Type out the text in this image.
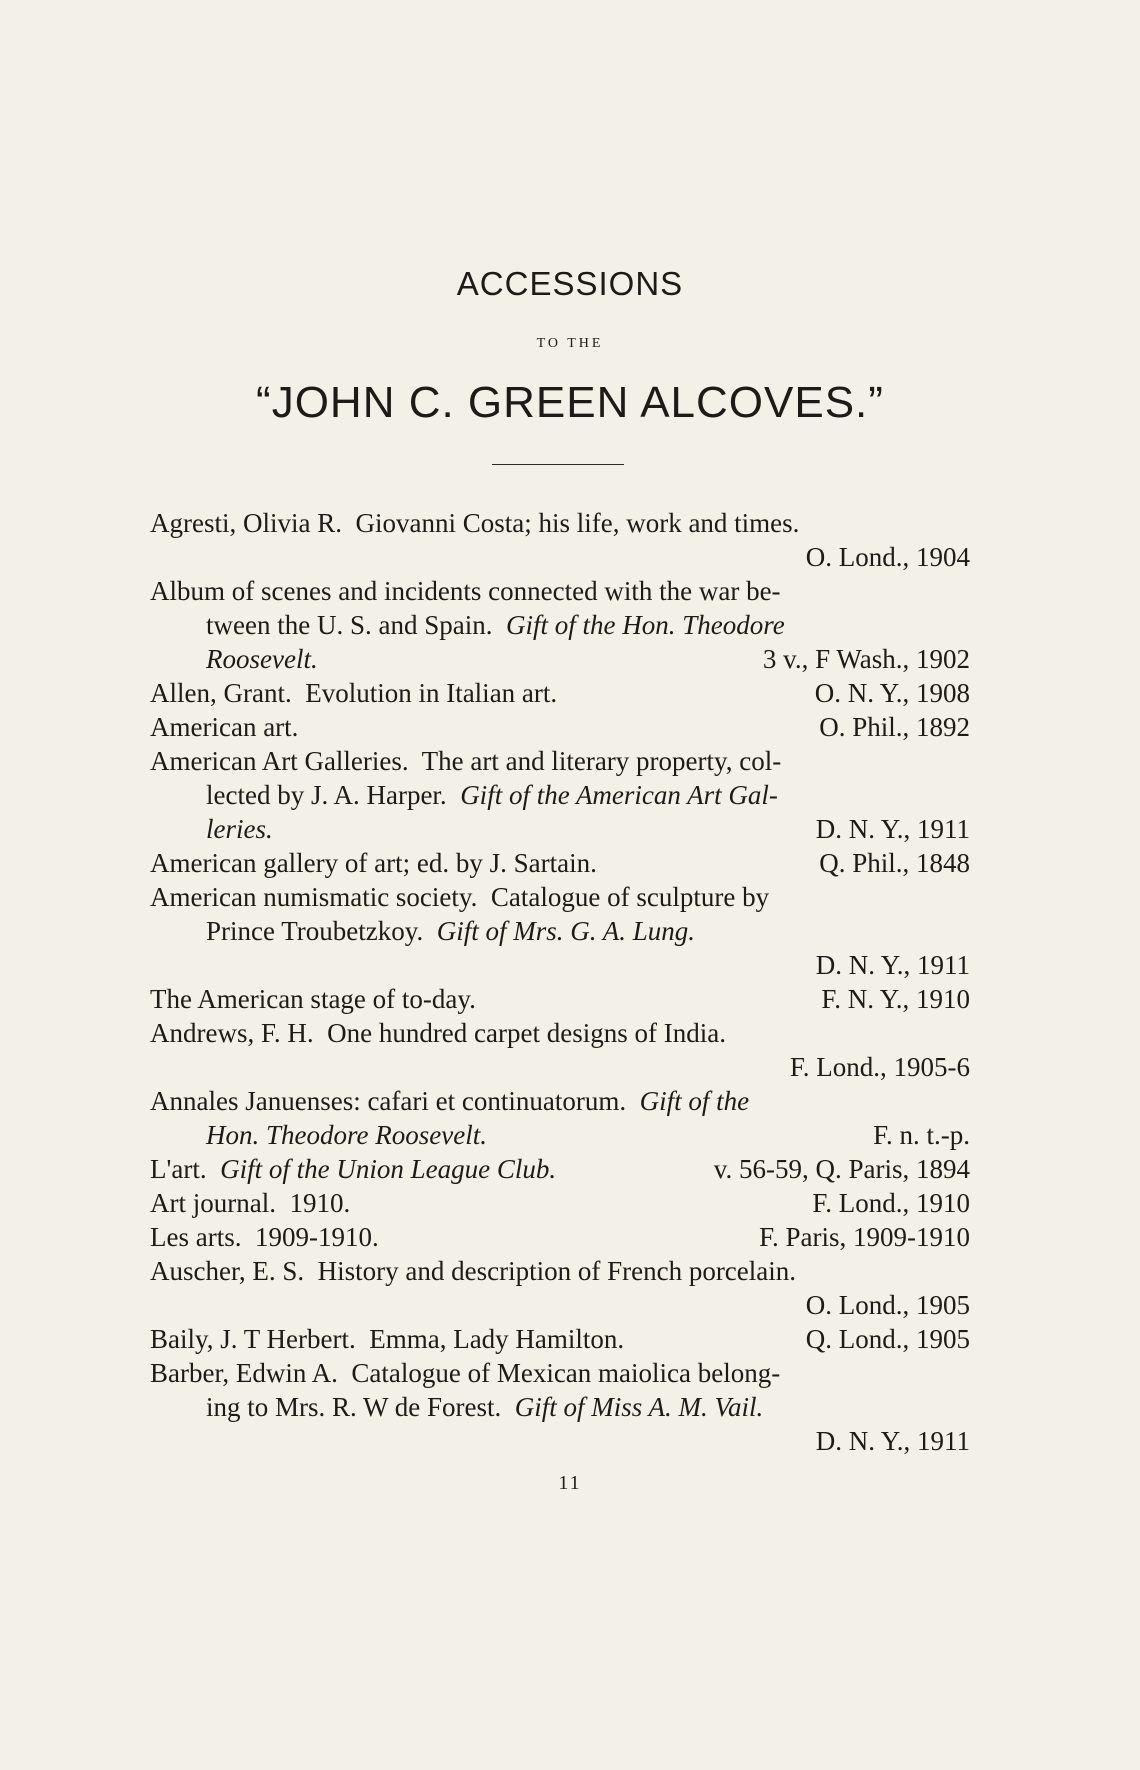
ACCESSIONS
TO THE
“JOHN C. GREEN ALCOVES.”
Agresti, Olivia R.  Giovanni Costa; his life, work and times.
O. Lond., 1904
Album of scenes and incidents connected with the war be-
tween the U. S. and Spain.  Gift of the Hon. Theodore
Roosevelt.	3 v., F Wash., 1902
Allen, Grant.  Evolution in Italian art.	O. N. Y., 1908
American art.	O. Phil., 1892
American Art Galleries.  The art and literary property, col-
lected by J. A. Harper.  Gift of the American Art Gal-
leries.	D. N. Y., 1911
American gallery of art; ed. by J. Sartain.	Q. Phil., 1848
American numismatic society.  Catalogue of sculpture by
Prince Troubetzkoy.  Gift of Mrs. G. A. Lung.
D. N. Y., 1911
The American stage of to-day.	F. N. Y., 1910
Andrews, F. H.  One hundred carpet designs of India.
F. Lond., 1905-6
Annales Januenses: cafari et continuatorum.  Gift of the
Hon. Theodore Roosevelt.	F. n. t.-p.
L'art.  Gift of the Union League Club.	v. 56-59, Q. Paris, 1894
Art journal.  1910.	F. Lond., 1910
Les arts.  1909-1910.	F. Paris, 1909-1910
Auscher, E. S.  History and description of French porcelain.
O. Lond., 1905
Baily, J. T Herbert.  Emma, Lady Hamilton.	Q. Lond., 1905
Barber, Edwin A.  Catalogue of Mexican maiolica belong-
ing to Mrs. R. W de Forest.  Gift of Miss A. M. Vail.
D. N. Y., 1911
11
